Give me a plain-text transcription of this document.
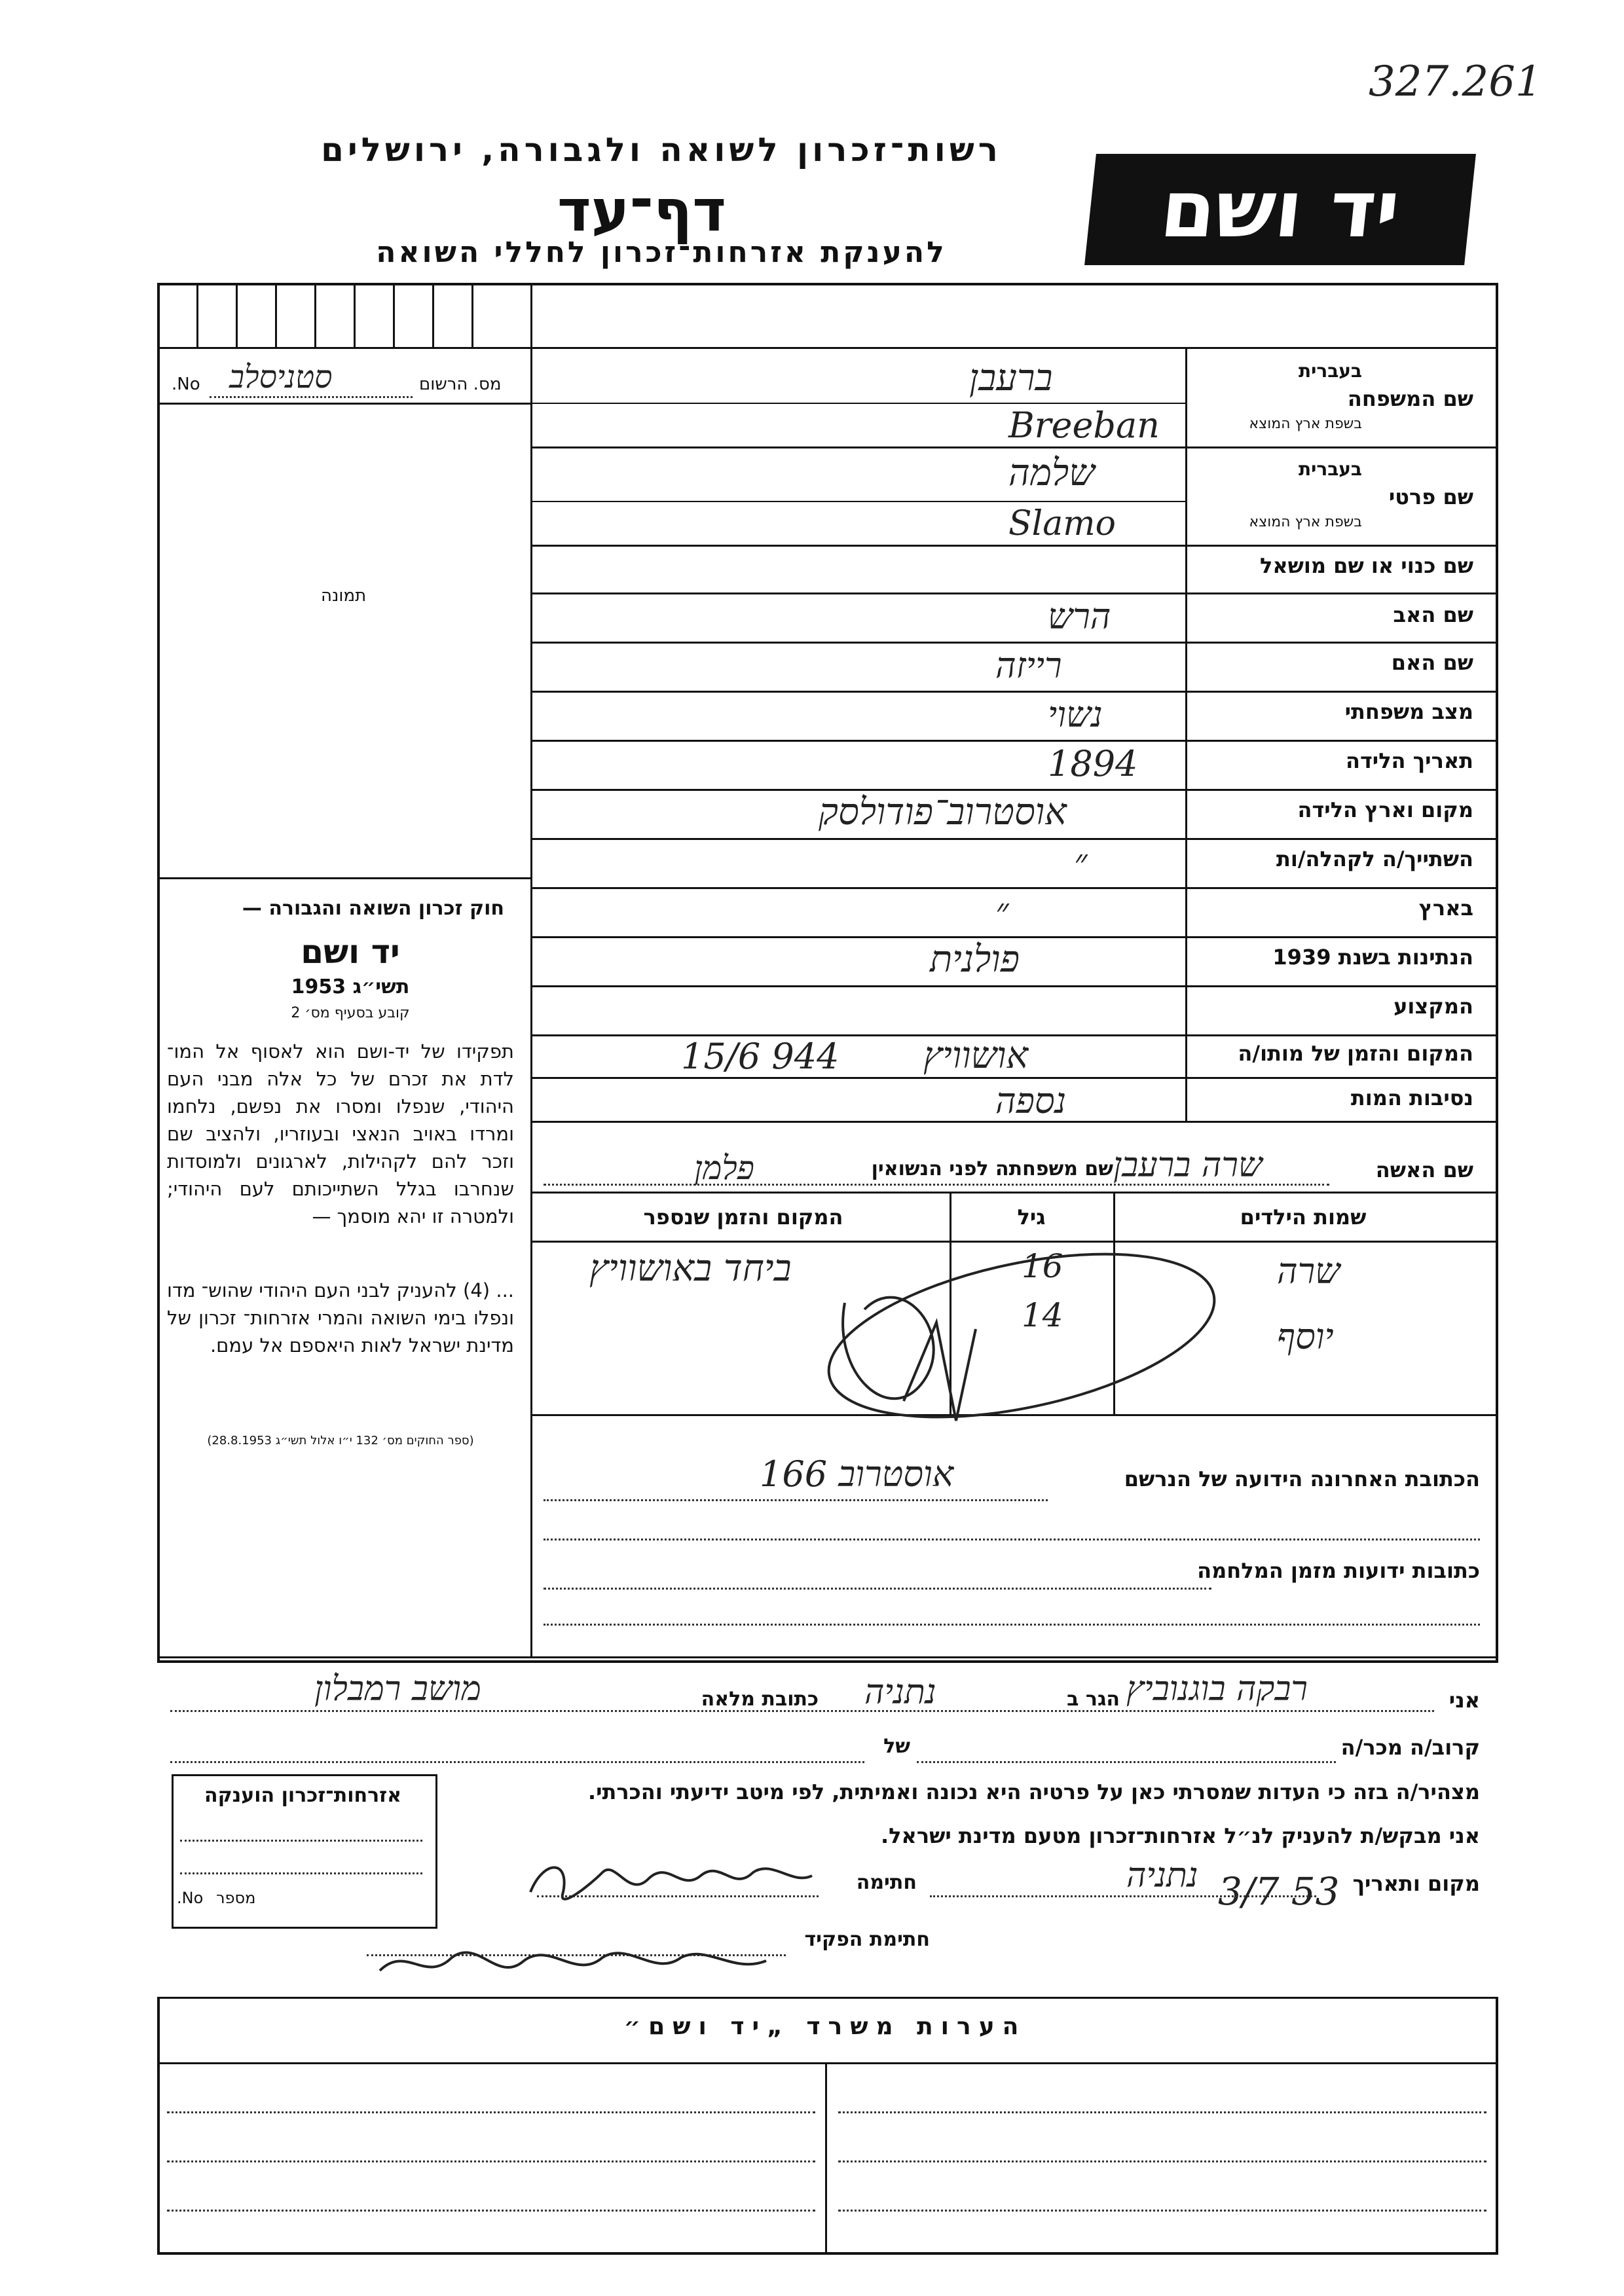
327.261
רשות־זכרון לשואה ולגבורה, ירושלים
דף־עד
להענקת אזרחות־זכרון לחללי השואה	יד ושם
מס. הרשום
No. סטניסלב
תמונה
חוק זכרון השואה והגבורה —
יד ושם
תשי״ג 1953
קובע בסעיף מס׳ 2
תפקידו של יד-ושם הוא לאסוף אל המו־ לדת את זכרם של כל אלה מבני העם היהודי, שנפלו ומסרו את נפשם, נלחמו ומרדו באויב הנאצי ובעוזריו, ולהציב שם וזכר להם לקהילות, לארגונים ולמוסדות שנחרבו בגלל השתייכותם לעם היהודי; ולמטרה זו יהא מוסמך —
... (4) להעניק לבני העם היהודי שהוש־ מדו ונפלו בימי השואה והמרי אזרחות־ זכרון של מדינת ישראל לאות היאספם אל עמם.
(ספר החוקים מס׳ 132 י״ו אלול תשי״ג 28.8.1953)
שם המשפחה
בעברית
בשפת ארץ המוצא
ברעבן
Breeban
שם פרטי
בעברית
בשפת ארץ המוצא
שלמה
Slamo
שם כנוי או שם מושאל
שם האב
הרש
שם האם
רייזה
מצב משפחתי
נשוי
תאריך הלידה
1894
מקום וארץ הלידה
אוסטרוב־פודולסק
השתייך/ה לקהלה/ות
״
בארץ
״
הנתינות בשנת 1939
פולנית
המקצוע
המקום והזמן של מותו/ה
אושוויץ
15/6 944
נסיבות המות
נספה
שם האשה
שרה ברעבן
שם משפחתה לפני הנשואין
פלמן
שמות הילדים
גיל
המקום והזמן שנספר
שרה
16
ביחד באושוויץ
יוסף
14
הכתובת האחרונה הידועה של הנרשם
אוסטרוב 166
כתובות ידועות מזמן המלחמה
אני
רבקה בוגנוביץ
הגר ב
נתניה
כתובת מלאה
מושב רמבלון
קרוב/ה מכר/ה
של
מצהיר/ה בזה כי העדות שמסרתי כאן על פרטיה היא נכונה ואמיתית, לפי מיטב ידיעתי והכרתי.
אני מבקש/ת להעניק לנ״ל אזרחות־זכרון מטעם מדינת ישראל.
מקום ותאריך
נתניה 3/7 53
חתימה
חתימת הפקיד
אזרחות־זכרון הוענקה
No. מספר
הערות משרד „יד ושם״
